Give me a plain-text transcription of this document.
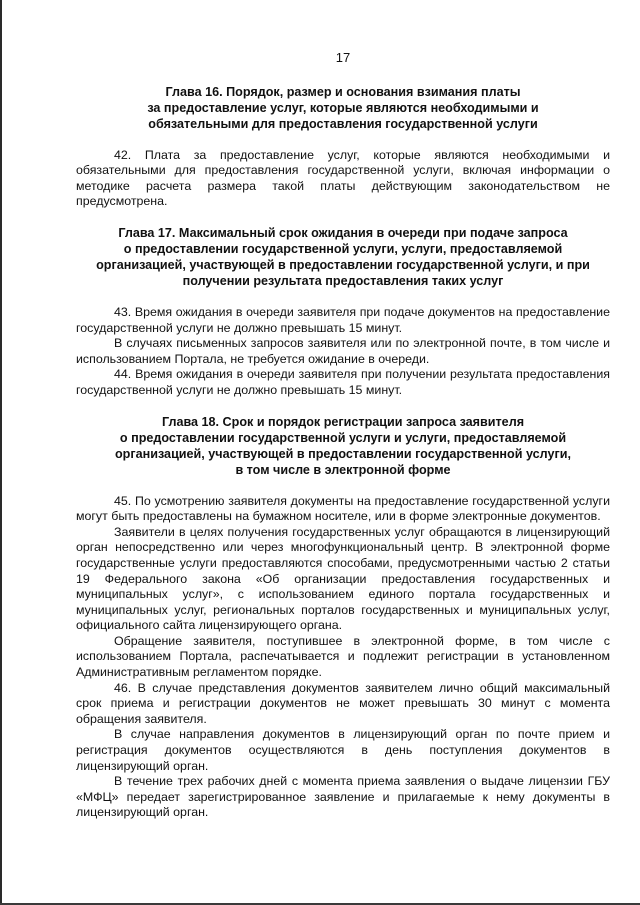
17
Глава 16. Порядок, размер и основания взимания платы
за предоставление услуг, которые являются необходимыми и
обязательными для предоставления государственной услуги

42. Плата за предоставление услуг, которые являются необходимыми и обязательными для предоставления государственной услуги, включая информации о методике расчета размера такой платы действующим законодательством не предусмотрена.

Глава 17. Максимальный срок ожидания в очереди при подаче запроса
о предоставлении государственной услуги, услуги, предоставляемой
организацией, участвующей в предоставлении государственной услуги, и при
получении результата предоставления таких услуг

43. Время ожидания в очереди заявителя при подаче документов на предоставление государственной услуги не должно превышать 15 минут.

В случаях письменных запросов заявителя или по электронной почте, в том числе и использованием Портала, не требуется ожидание в очереди.

44. Время ожидания в очереди заявителя при получении результата предоставления государственной услуги не должно превышать 15 минут.

Глава 18. Срок и порядок регистрации запроса заявителя
о предоставлении государственной услуги и услуги, предоставляемой
организацией, участвующей в предоставлении государственной услуги,
в том числе в электронной форме

45. По усмотрению заявителя документы на предоставление государственной услуги могут быть предоставлены на бумажном носителе, или в форме электронные документов.

Заявители в целях получения государственных услуг обращаются в лицензирующий орган непосредственно или через многофункциональный центр. В электронной форме государственные услуги предоставляются способами, предусмотренными частью 2 статьи 19 Федерального закона «Об организации предоставления государственных и муниципальных услуг», с использованием единого портала государственных и муниципальных услуг, региональных порталов государственных и муниципальных услуг, официального сайта лицензирующего органа.

Обращение заявителя, поступившее в электронной форме, в том числе с использованием Портала, распечатывается и подлежит регистрации в установленном Административным регламентом порядке.

46. В случае представления документов заявителем лично общий максимальный срок приема и регистрации документов не может превышать 30 минут с момента обращения заявителя.

В случае направления документов в лицензирующий орган по почте прием и регистрация документов осуществляются в день поступления документов в лицензирующий орган.

В течение трех рабочих дней с момента приема заявления о выдаче лицензии ГБУ «МФЦ» передает зарегистрированное заявление и прилагаемые к нему документы в лицензирующий орган.
